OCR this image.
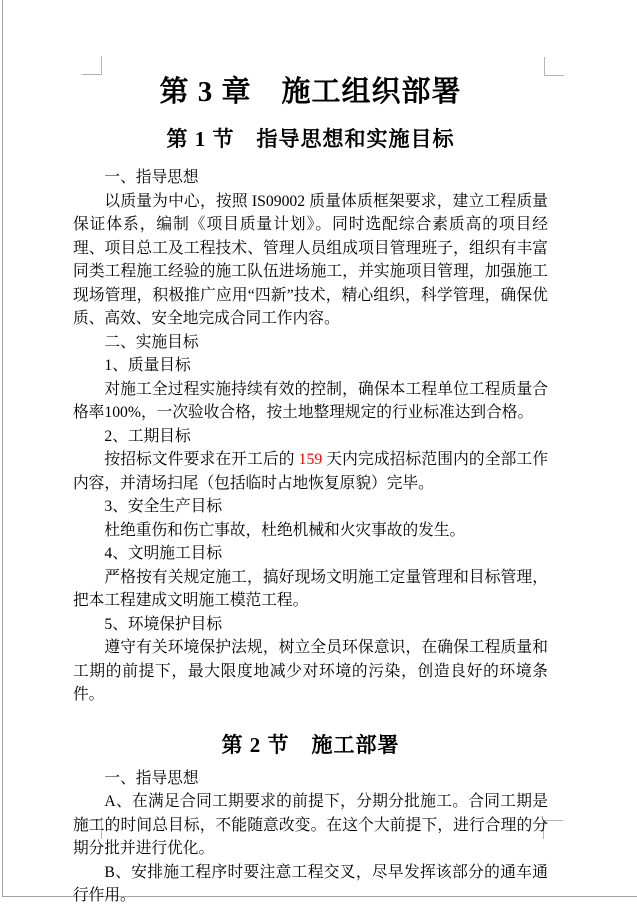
第 3 章　施工组织部署
第 1 节　指导思想和实施目标

一、指导思想

以质量为中心，按照 IS09002 质量体质框架要求，建立工程质量保证体系，编制《项目质量计划》。同时选配综合素质高的项目经理、项目总工及工程技术、管理人员组成项目管理班子，组织有丰富同类工程施工经验的施工队伍进场施工，并实施项目管理，加强施工现场管理，积极推广应用“四新”技术，精心组织，科学管理，确保优质、高效、安全地完成合同工作内容。

二、实施目标

1、质量目标

对施工全过程实施持续有效的控制，确保本工程单位工程质量合格率100%，一次验收合格，按土地整理规定的行业标准达到合格。

2、工期目标

按招标文件要求在开工后的 159 天内完成招标范围内的全部工作内容，并清场扫尾（包括临时占地恢复原貌）完毕。

3、安全生产目标

杜绝重伤和伤亡事故，杜绝机械和火灾事故的发生。

4、文明施工目标

严格按有关规定施工，搞好现场文明施工定量管理和目标管理，把本工程建成文明施工模范工程。

5、环境保护目标

遵守有关环境保护法规，树立全员环保意识，在确保工程质量和工期的前提下，最大限度地减少对环境的污染，创造良好的环境条件。

第 2 节　施工部署

一、指导思想

A、在满足合同工期要求的前提下，分期分批施工。合同工期是施工的时间总目标，不能随意改变。在这个大前提下，进行合理的分期分批并进行优化。

B、安排施工程序时要注意工程交叉，尽早发挥该部分的通车通行作用。
